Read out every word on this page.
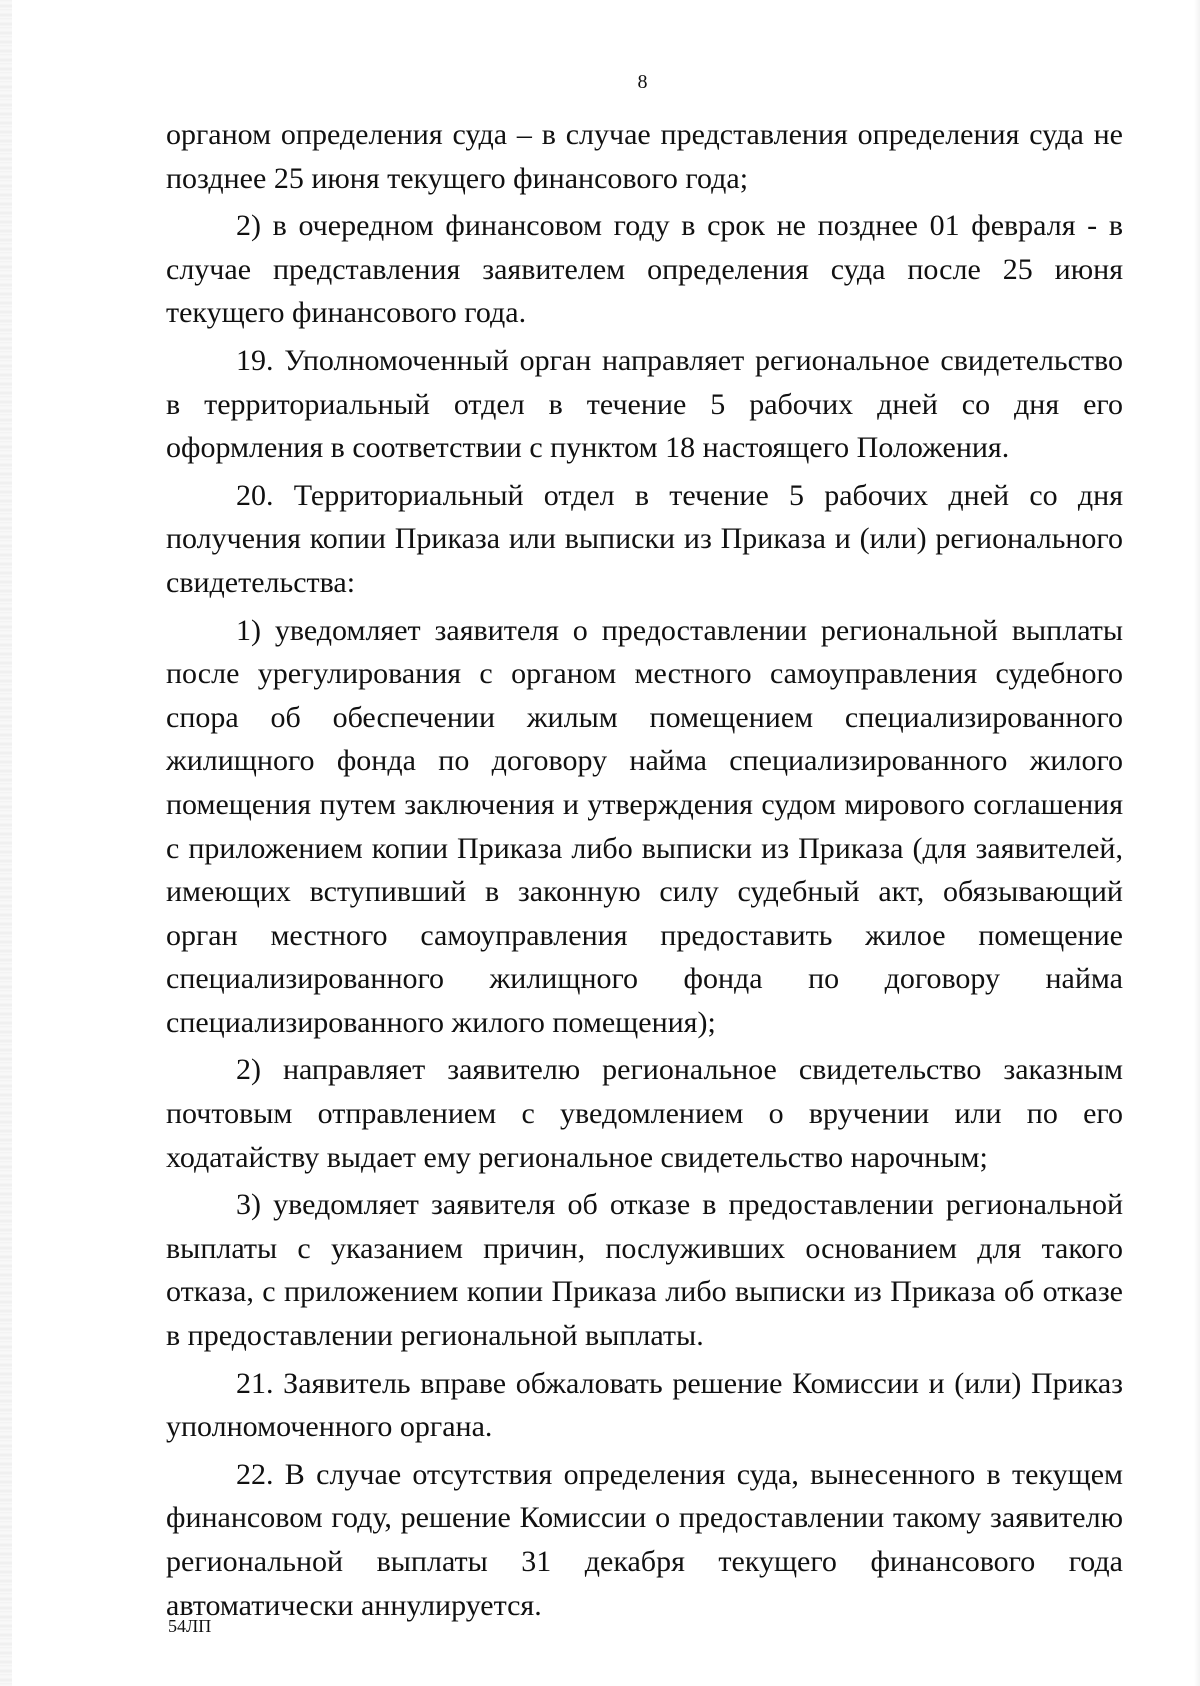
8

органом определения суда – в случае представления определения суда не позднее 25 июня текущего финансового года;

2) в очередном финансовом году в срок не позднее 01 февраля - в случае представления заявителем определения суда после 25 июня текущего финансового года.

19. Уполномоченный орган направляет региональное свидетельство в территориальный отдел в течение 5 рабочих дней со дня его оформления в соответствии с пунктом 18 настоящего Положения.

20. Территориальный отдел в течение 5 рабочих дней со дня получения копии Приказа или выписки из Приказа и (или) регионального свидетельства:

1) уведомляет заявителя о предоставлении региональной выплаты после урегулирования с органом местного самоуправления судебного спора об обеспечении жилым помещением специализированного жилищного фонда по договору найма специализированного жилого помещения путем заключения и утверждения судом мирового соглашения с приложением копии Приказа либо выписки из Приказа (для заявителей, имеющих вступивший в законную силу судебный акт, обязывающий орган местного самоуправления предоставить жилое помещение специализированного жилищного фонда по договору найма специализированного жилого помещения);

2) направляет заявителю региональное свидетельство заказным почтовым отправлением с уведомлением о вручении или по его ходатайству выдает ему региональное свидетельство нарочным;

3) уведомляет заявителя об отказе в предоставлении региональной выплаты с указанием причин, послуживших основанием для такого отказа, с приложением копии Приказа либо выписки из Приказа об отказе в предоставлении региональной выплаты.

21. Заявитель вправе обжаловать решение Комиссии и (или) Приказ уполномоченного органа.

22. В случае отсутствия определения суда, вынесенного в текущем финансовом году, решение Комиссии о предоставлении такому заявителю региональной выплаты 31 декабря текущего финансового года автоматически аннулируется.

54ЛП
